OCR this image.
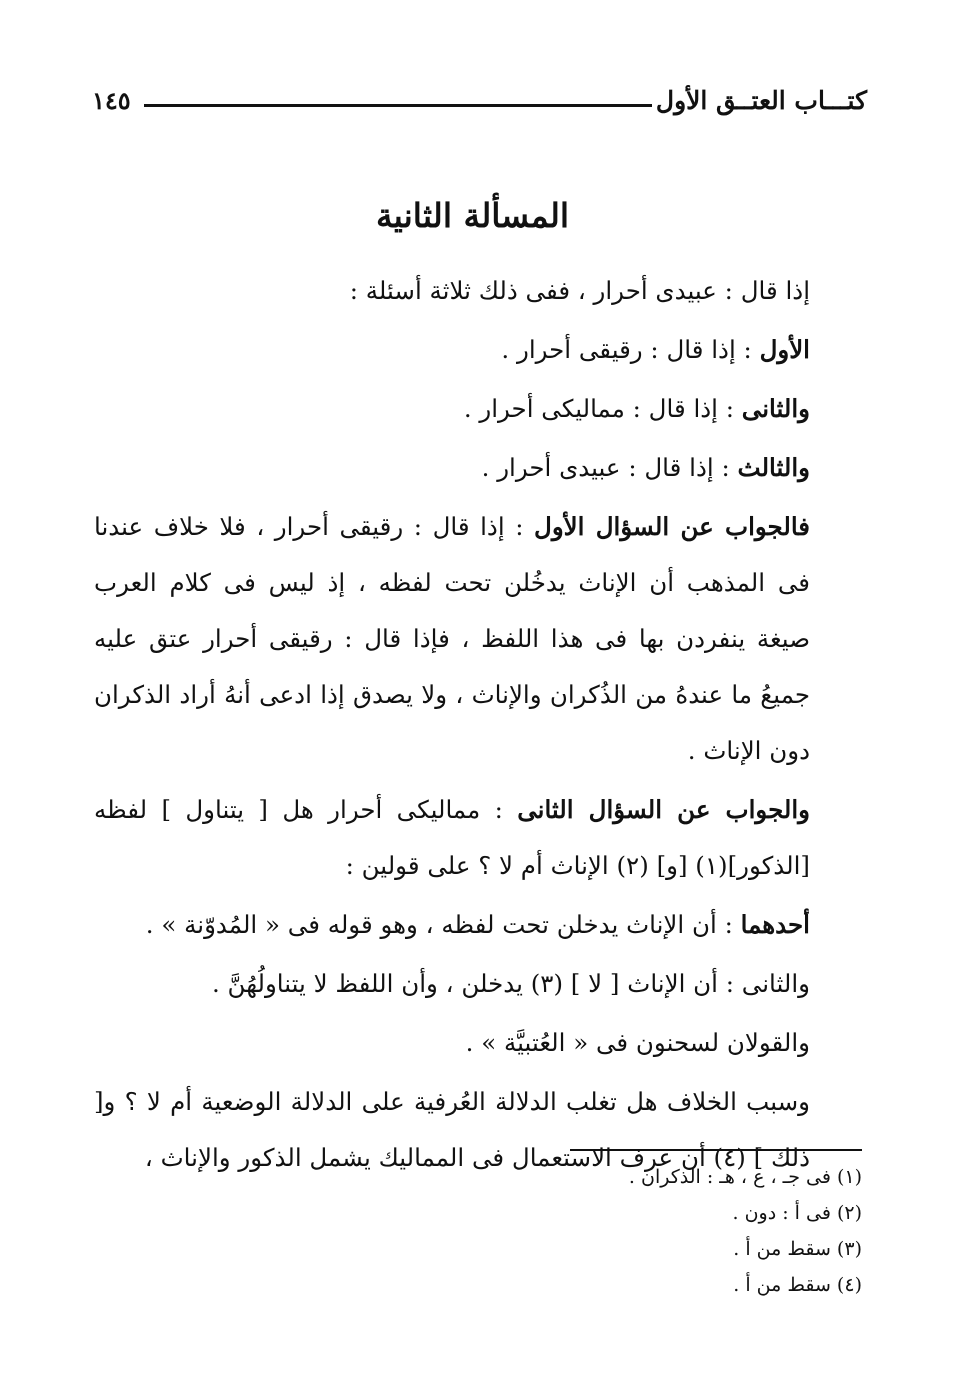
كتـــاب العتــق الأول
١٤٥
المسألة الثانية

إذا قال : عبيدى أحرار ، ففى ذلك ثلاثة أسئلة :

الأول : إذا قال : رقيقى أحرار .

والثانى : إذا قال : مماليكى أحرار .

والثالث : إذا قال : عبيدى أحرار .

فالجواب عن السؤال الأول : إذا قال : رقيقى أحرار ، فلا خلاف عندنا فى المذهب أن الإناث يدخُلن تحت لفظه ، إذ ليس فى كلام العرب صيغة ينفردن بها فى هذا اللفظ ، فإذا قال : رقيقى أحرار عتق عليه جميعُ ما عندهُ من الذُكران والإناث ، ولا يصدق إذا ادعى أنهُ أراد الذكران دون الإناث .

والجواب عن السؤال الثانى : مماليكى أحرار هل [ يتناول ] لفظه [الذكور](١) [و] (٢) الإناث أم لا ؟ على قولين :

أحدهما : أن الإناث يدخلن تحت لفظه ، وهو قوله فى « المُدوّنة » .

والثانى : أن الإناث [ لا ] (٣) يدخلن ، وأن اللفظ لا يتناولُهُنَّ .

والقولان لسحنون فى « العُتبيَّة » .

وسبب الخلاف هل تغلب الدلالة العُرفية على الدلالة الوضعية أم لا ؟ و[ ذلك ] (٤) أن عرف الاستعمال فى المماليك يشمل الذكور والإناث ،

(١) فى جـ ، ع ، هـ : الذكران .
(٢) فى أ : دون .
(٣) سقط من أ .
(٤) سقط من أ .
